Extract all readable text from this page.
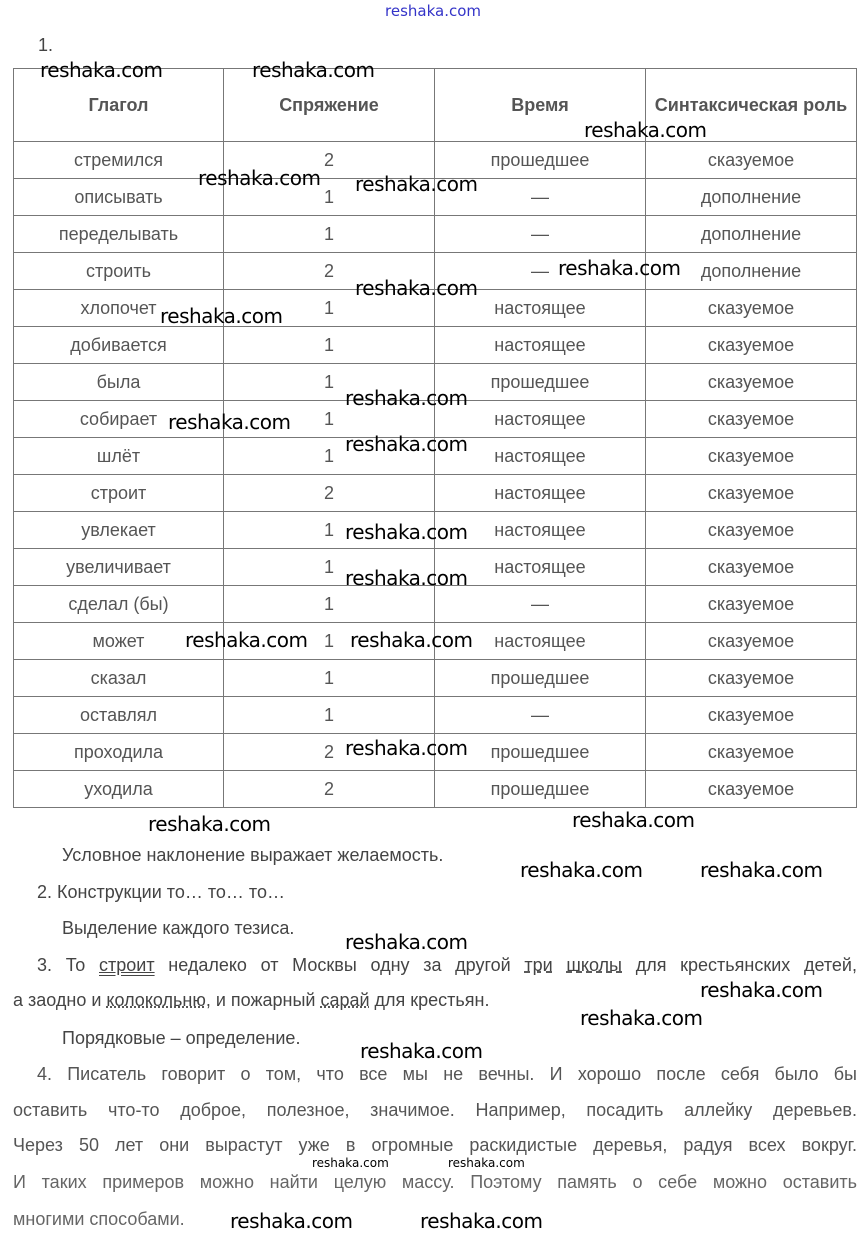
reshaka.com
1.
Глагол	Спряжение	Время	Синтаксическая роль
стремился	2	прошедшее	сказуемое
описывать	1	—	дополнение
переделывать	1	—	дополнение
строить	2	—	дополнение
хлопочет	1	настоящее	сказуемое
добивается	1	настоящее	сказуемое
была	1	прошедшее	сказуемое
собирает	1	настоящее	сказуемое
шлёт	1	настоящее	сказуемое
строит	2	настоящее	сказуемое
увлекает	1	настоящее	сказуемое
увеличивает	1	настоящее	сказуемое
сделал (бы)	1	—	сказуемое
может	1	настоящее	сказуемое
сказал	1	прошедшее	сказуемое
оставлял	1	—	сказуемое
проходила	2	прошедшее	сказуемое
уходила	2	прошедшее	сказуемое
Условное наклонение выражает желаемость.
2. Конструкции то… то… то…
Выделение каждого тезиса.
3. То строит недалеко от Москвы одну за другой три школы для крестьянских детей,
а заодно и колокольню, и пожарный сарай для крестьян.
Порядковые – определение.
4. Писатель говорит о том, что все мы не вечны. И хорошо после себя было бы
оставить что-то доброе, полезное, значимое. Например, посадить аллейку деревьев.
Через 50 лет они вырастут уже в огромные раскидистые деревья, радуя всех вокруг.
И таких примеров можно найти целую массу. Поэтому память о себе можно оставить
многими способами.
reshaka.com	reshaka.com
reshaka.com
reshaka.com reshaka.com
reshaka.com
reshaka.com
reshaka.com
reshaka.com
reshaka.com
reshaka.com
reshaka.com
reshaka.com
reshaka.com reshaka.com
reshaka.com
reshaka.com
reshaka.com
reshaka.com	reshaka.com
reshaka.com
reshaka.com
reshaka.com
reshaka.com
reshaka.com	reshaka.com
reshaka.com	reshaka.com
